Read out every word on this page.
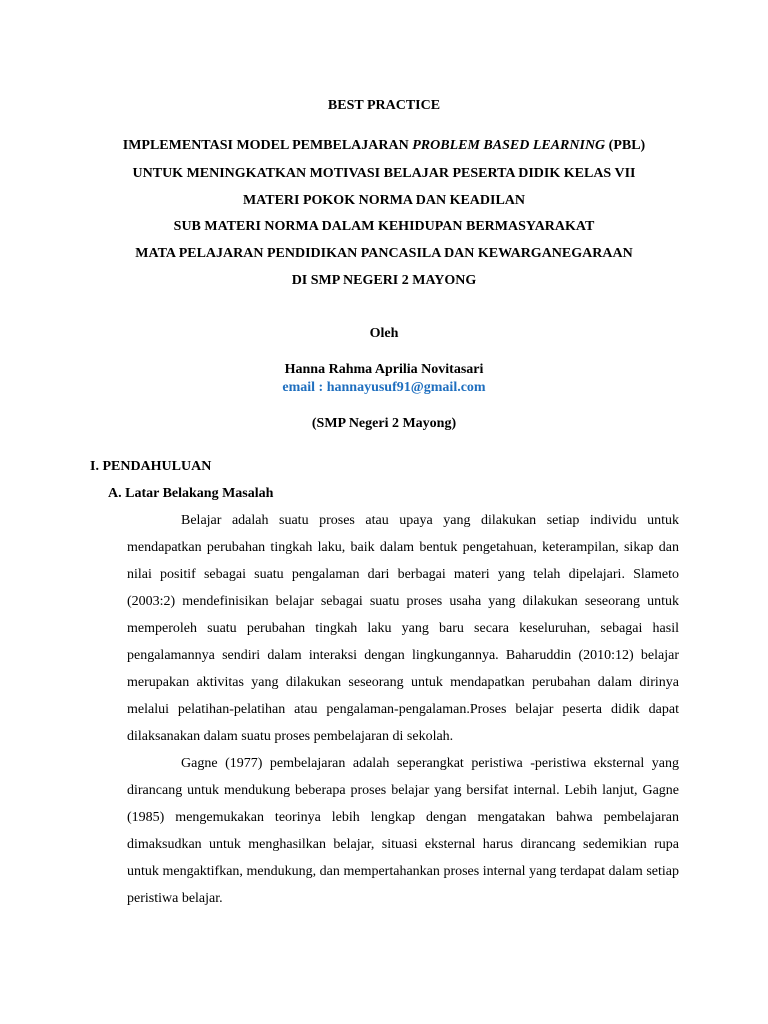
BEST PRACTICE
IMPLEMENTASI MODEL PEMBELAJARAN PROBLEM BASED LEARNING (PBL)
UNTUK MENINGKATKAN MOTIVASI BELAJAR PESERTA DIDIK KELAS VII
MATERI POKOK NORMA DAN KEADILAN
SUB MATERI NORMA DALAM KEHIDUPAN BERMASYARAKAT
MATA PELAJARAN PENDIDIKAN PANCASILA DAN KEWARGANEGARAAN
DI SMP NEGERI 2 MAYONG
Oleh
Hanna Rahma Aprilia Novitasari
email : hannayusuf91@gmail.com
(SMP Negeri 2 Mayong)
I. PENDAHULUAN
A. Latar Belakang Masalah

Belajar adalah suatu proses atau upaya yang dilakukan setiap individu untuk mendapatkan perubahan tingkah laku, baik dalam bentuk pengetahuan, keterampilan, sikap dan nilai positif sebagai suatu pengalaman dari berbagai materi yang telah dipelajari. Slameto (2003:2) mendefinisikan belajar sebagai suatu proses usaha yang dilakukan seseorang untuk memperoleh suatu perubahan tingkah laku yang baru secara keseluruhan, sebagai hasil pengalamannya sendiri dalam interaksi dengan lingkungannya. Baharuddin (2010:12) belajar merupakan aktivitas yang dilakukan seseorang untuk mendapatkan perubahan dalam dirinya melalui pelatihan-pelatihan atau pengalaman-pengalaman.Proses belajar peserta didik dapat dilaksanakan dalam suatu proses pembelajaran di sekolah.

Gagne (1977) pembelajaran adalah seperangkat peristiwa -peristiwa eksternal yang dirancang untuk mendukung beberapa proses belajar yang bersifat internal. Lebih lanjut, Gagne (1985) mengemukakan teorinya lebih lengkap dengan mengatakan bahwa pembelajaran dimaksudkan untuk menghasilkan belajar, situasi eksternal harus dirancang sedemikian rupa untuk mengaktifkan, mendukung, dan mempertahankan proses internal yang terdapat dalam setiap peristiwa belajar.
